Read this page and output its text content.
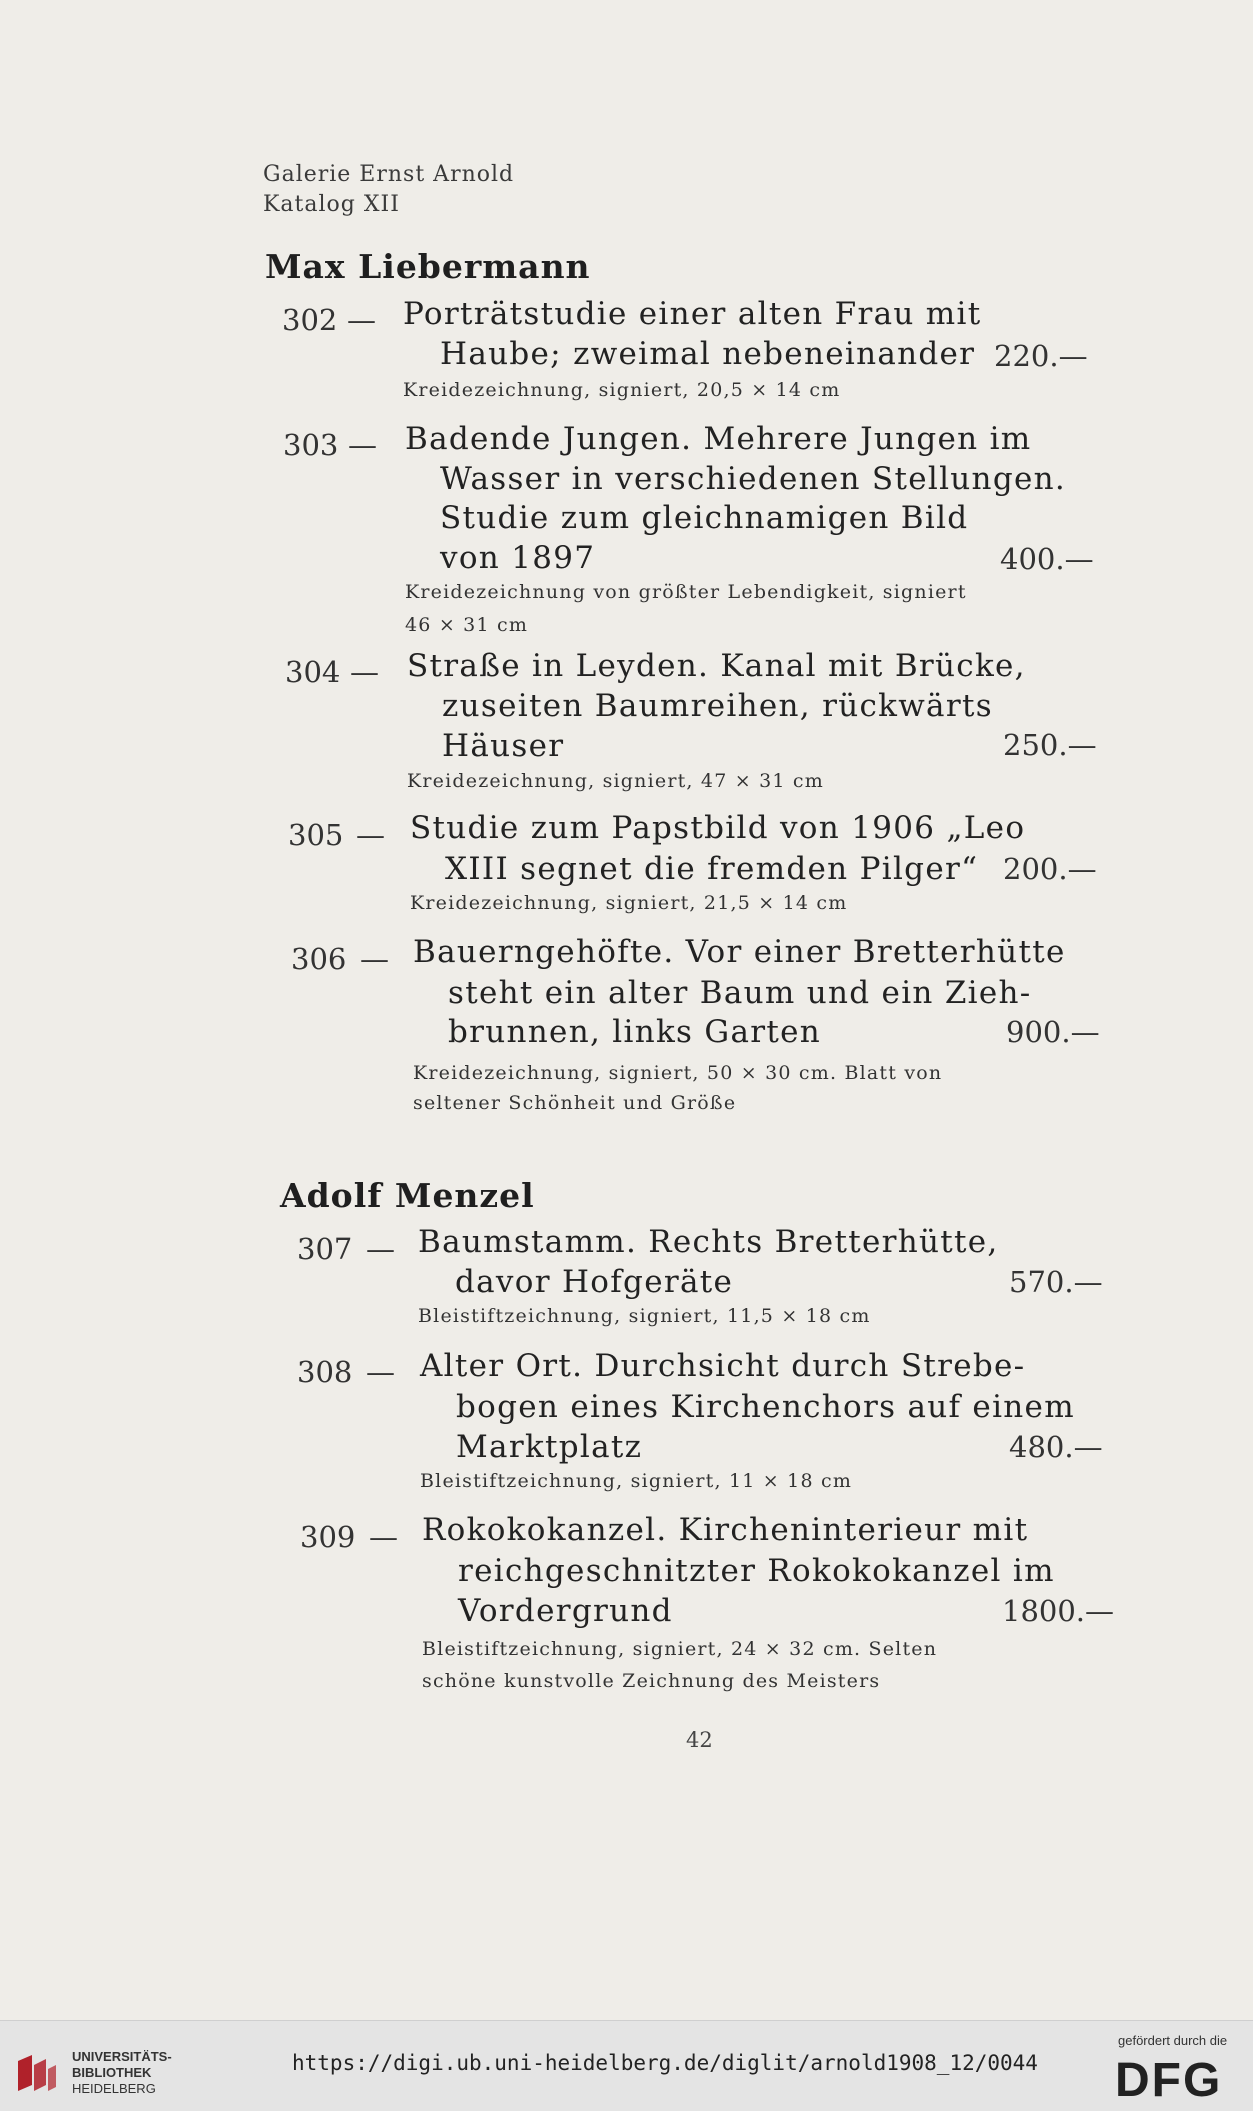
Galerie Ernst Arnold
Katalog XII
Max Liebermann
302 — Porträtstudie einer alten Frau mit
Haube; zweimal nebeneinander 220.—
Kreidezeichnung, signiert, 20,5 × 14 cm
303 — Badende Jungen. Mehrere Jungen im
Wasser in verschiedenen Stellungen.
Studie zum gleichnamigen Bild
von 1897	400.—
Kreidezeichnung von größter Lebendigkeit, signiert
46 × 31 cm
304 — Straße in Leyden. Kanal mit Brücke,
zuseiten Baumreihen, rückwärts
Häuser	250.—
Kreidezeichnung, signiert, 47 × 31 cm
305 — Studie zum Papstbild von 1906 „Leo
XIII segnet die fremden Pilger“ 200.—
Kreidezeichnung, signiert, 21,5 × 14 cm
306 — Bauerngehöfte. Vor einer Bretterhütte
steht ein alter Baum und ein Zieh-
brunnen, links Garten	900.—
Kreidezeichnung, signiert, 50 × 30 cm. Blatt von
seltener Schönheit und Größe
Adolf Menzel
307 — Baumstamm. Rechts Bretterhütte,
davor Hofgeräte	570.—
Bleistiftzeichnung, signiert, 11,5 × 18 cm
308 — Alter Ort. Durchsicht durch Strebe-
bogen eines Kirchenchors auf einem
Marktplatz	480.—
Bleistiftzeichnung, signiert, 11 × 18 cm
309 — Rokokokanzel. Kircheninterieur mit
reichgeschnitzter Rokokokanzel im
Vordergrund	1800.—
Bleistiftzeichnung, signiert, 24 × 32 cm. Selten
schöne kunstvolle Zeichnung des Meisters
42
UNIVERSITÄTS-
BIBLIOTHEK
HEIDELBERG
https://digi.ub.uni-heidelberg.de/diglit/arnold1908_12/0044
gefördert durch die
DFG
